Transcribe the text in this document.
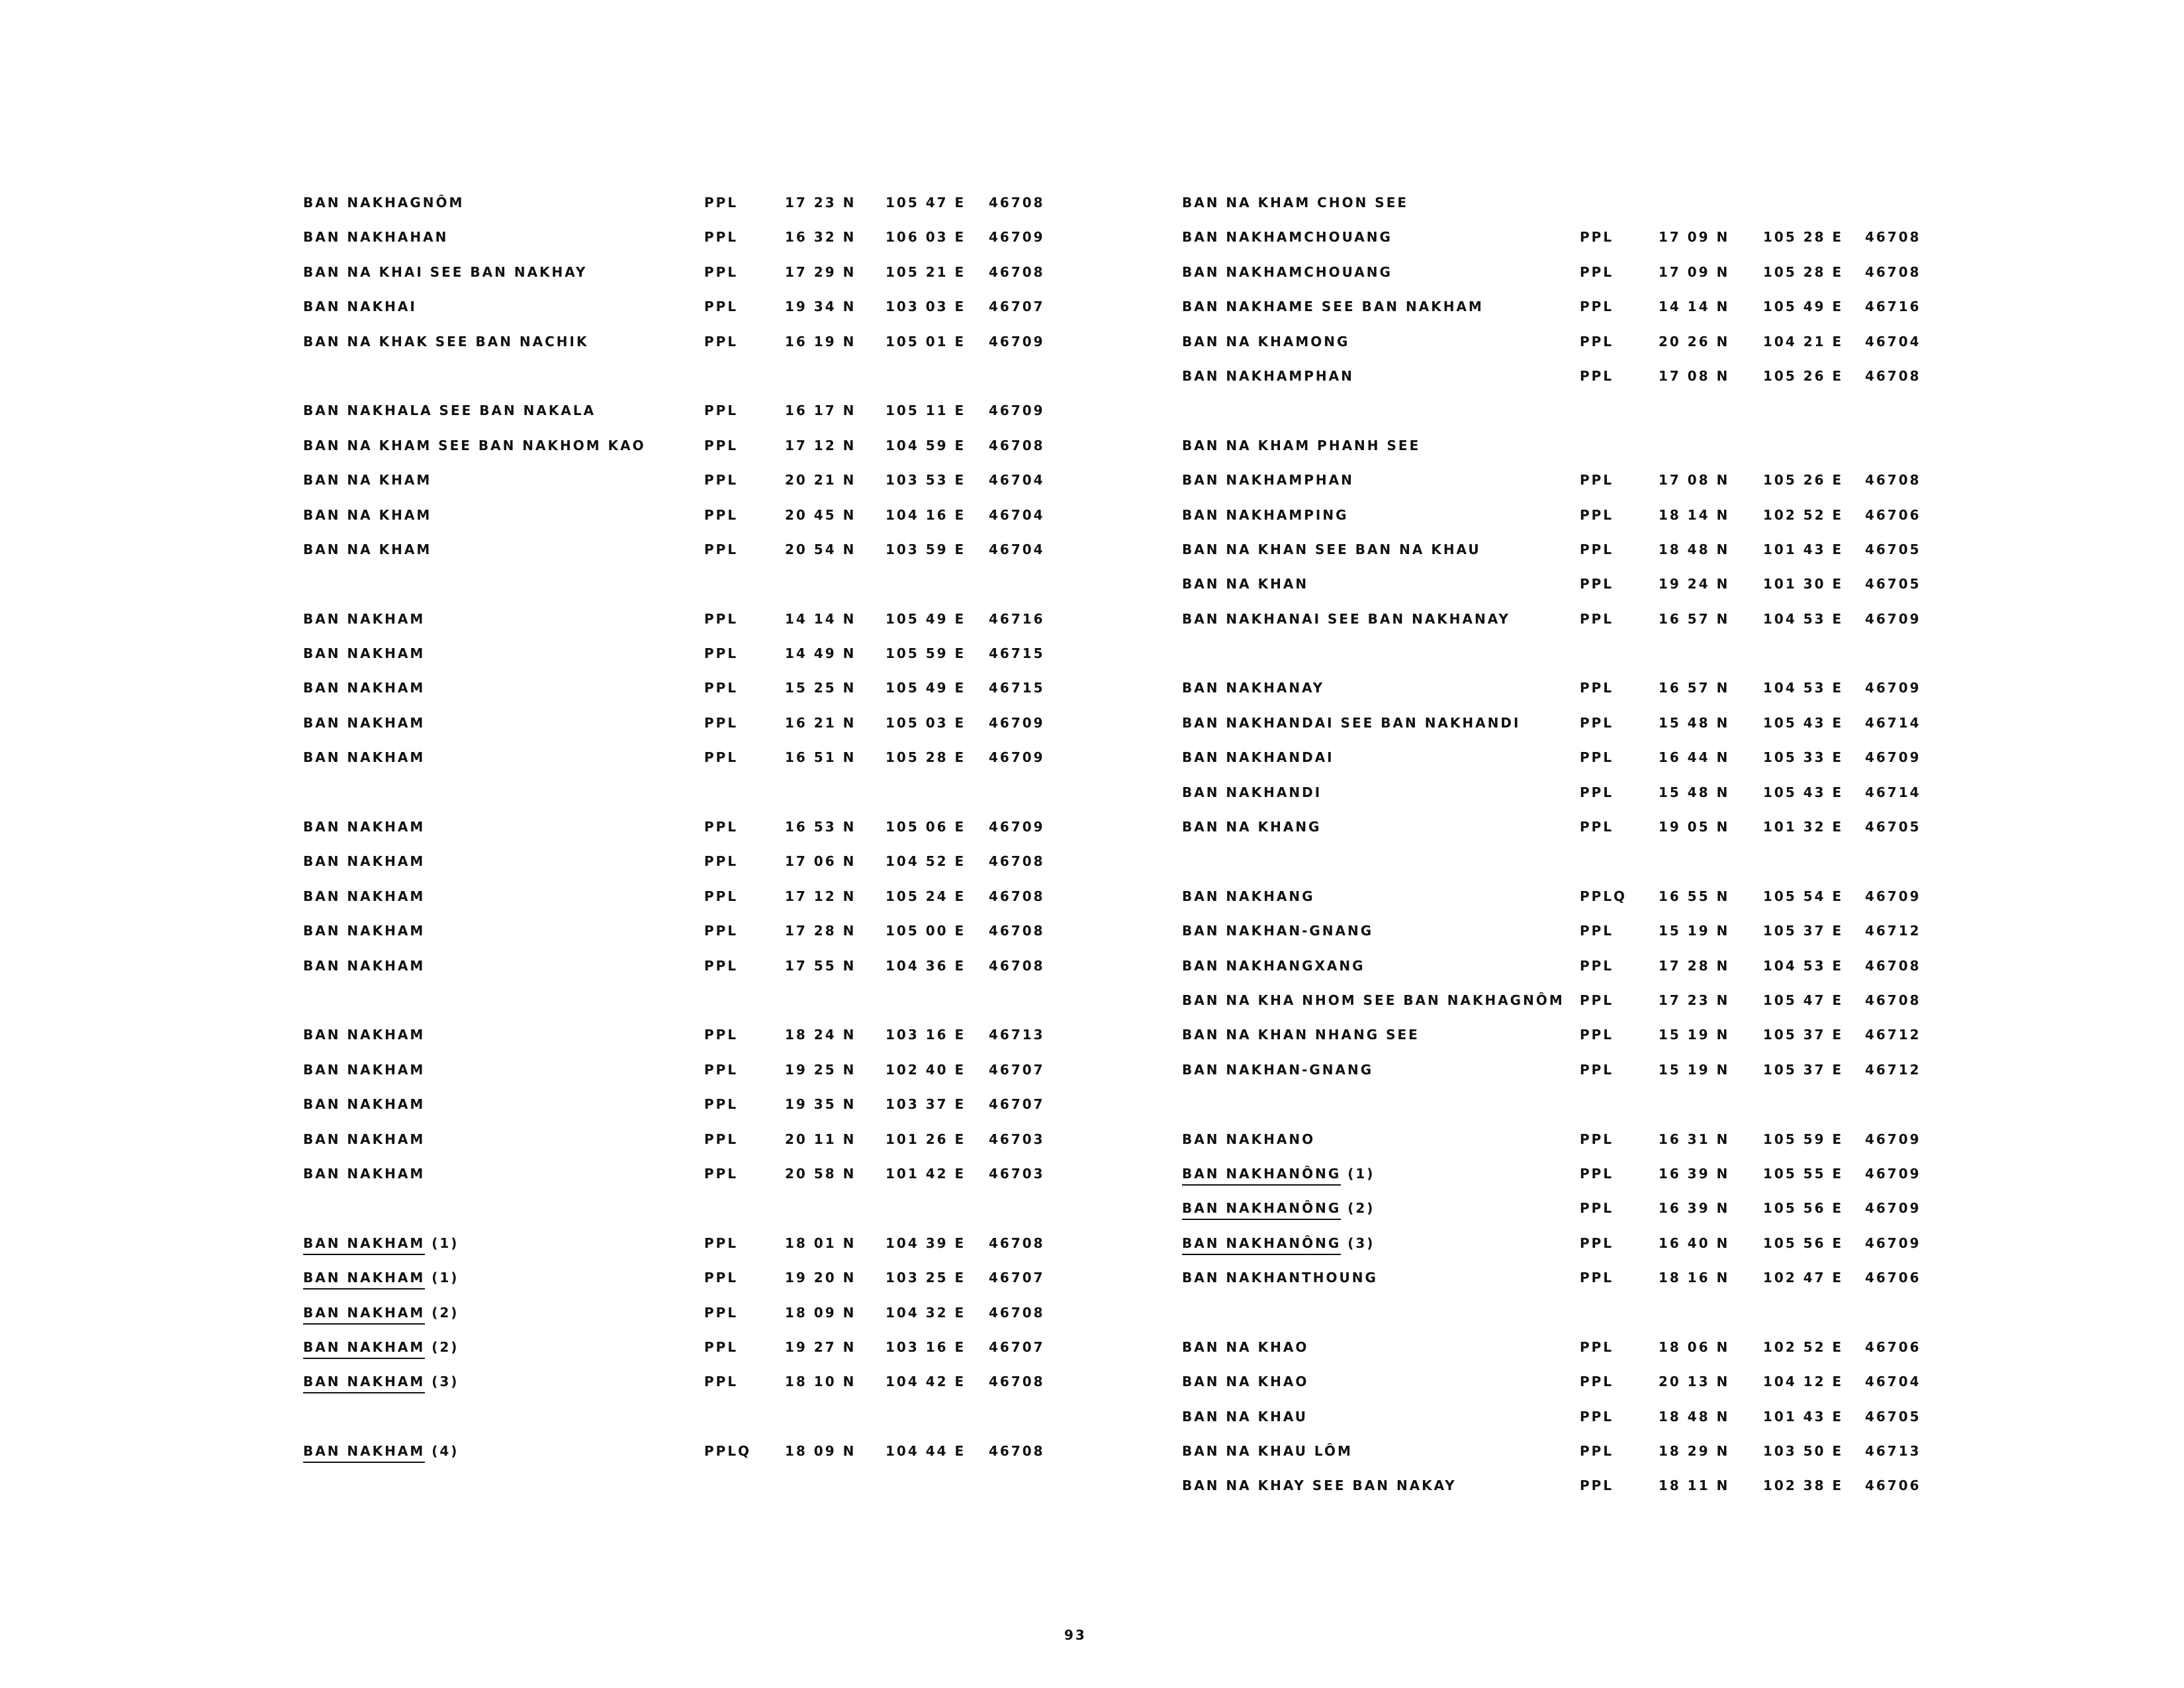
BAN NAKHAGNÔM	PPL	17 23 N 105 47 E 46708
BAN NAKHAHAN	PPL	16 32 N 106 03 E 46709
BAN NA KHAI SEE BAN NAKHAY	PPL	17 29 N 105 21 E 46708
BAN NAKHAI	PPL	19 34 N 103 03 E 46707
BAN NA KHAK SEE BAN NACHIK	PPL	16 19 N 105 01 E 46709
BAN NAKHALA SEE BAN NAKALA	PPL	16 17 N 105 11 E 46709
BAN NA KHAM SEE BAN NAKHOM KAO	PPL	17 12 N 104 59 E 46708
BAN NA KHAM	PPL	20 21 N 103 53 E 46704
BAN NA KHAM	PPL	20 45 N 104 16 E 46704
BAN NA KHAM	PPL	20 54 N 103 59 E 46704
BAN NAKHAM	PPL	14 14 N 105 49 E 46716
BAN NAKHAM	PPL	14 49 N 105 59 E 46715
BAN NAKHAM	PPL	15 25 N 105 49 E 46715
BAN NAKHAM	PPL	16 21 N 105 03 E 46709
BAN NAKHAM	PPL	16 51 N 105 28 E 46709
BAN NAKHAM	PPL	16 53 N 105 06 E 46709
BAN NAKHAM	PPL	17 06 N 104 52 E 46708
BAN NAKHAM	PPL	17 12 N 105 24 E 46708
BAN NAKHAM	PPL	17 28 N 105 00 E 46708
BAN NAKHAM	PPL	17 55 N 104 36 E 46708
BAN NAKHAM	PPL	18 24 N 103 16 E 46713
BAN NAKHAM	PPL	19 25 N 102 40 E 46707
BAN NAKHAM	PPL	19 35 N 103 37 E 46707
BAN NAKHAM	PPL	20 11 N 101 26 E 46703
BAN NAKHAM	PPL	20 58 N 101 42 E 46703
BAN NAKHAM (1)	PPL	18 01 N 104 39 E 46708
BAN NAKHAM (1)	PPL	19 20 N 103 25 E 46707
BAN NAKHAM (2)	PPL	18 09 N 104 32 E 46708
BAN NAKHAM (2)	PPL	19 27 N 103 16 E 46707
BAN NAKHAM (3)	PPL	18 10 N 104 42 E 46708
BAN NAKHAM (4)	PPLQ	18 09 N 104 44 E 46708
BAN NA KHAM CHON SEE
BAN NAKHAMCHOUANG	PPL	17 09 N	105 28 E 46708
BAN NAKHAMCHOUANG	PPL	17 09 N	105 28 E 46708
BAN NAKHAME SEE BAN NAKHAM	PPL	14 14 N	105 49 E 46716
BAN NA KHAMONG	PPL	20 26 N	104 21 E 46704
BAN NAKHAMPHAN	PPL	17 08 N	105 26 E 46708
BAN NA KHAM PHANH SEE
BAN NAKHAMPHAN	PPL	17 08 N	105 26 E 46708
BAN NAKHAMPING	PPL	18 14 N	102 52 E 46706
BAN NA KHAN SEE BAN NA KHAU	PPL	18 48 N	101 43 E 46705
BAN NA KHAN	PPL	19 24 N	101 30 E 46705
BAN NAKHANAI SEE BAN NAKHANAY	PPL	16 57 N	104 53 E 46709
BAN NAKHANAY	PPL	16 57 N	104 53 E 46709
BAN NAKHANDAI SEE BAN NAKHANDI	PPL	15 48 N	105 43 E 46714
BAN NAKHANDAI	PPL	16 44 N	105 33 E 46709
BAN NAKHANDI	PPL	15 48 N	105 43 E 46714
BAN NA KHANG	PPL	19 05 N	101 32 E 46705
BAN NAKHANG	PPLQ 16 55 N	105 54 E 46709
BAN NAKHAN-GNANG	PPL	15 19 N	105 37 E 46712
BAN NAKHANGXANG	PPL	17 28 N	104 53 E 46708
BAN NA KHA NHOM SEE BAN NAKHAGNÔM PPL	17 23 N	105 47 E 46708
BAN NA KHAN NHANG SEE	PPL	15 19 N	105 37 E 46712
BAN NAKHAN-GNANG	PPL	15 19 N	105 37 E 46712
BAN NAKHANO	PPL	16 31 N	105 59 E 46709
BAN NAKHANÔNG (1)	PPL	16 39 N	105 55 E 46709
BAN NAKHANÔNG (2)	PPL	16 39 N	105 56 E 46709
BAN NAKHANÔNG (3)	PPL	16 40 N	105 56 E 46709
BAN NAKHANTHOUNG	PPL	18 16 N	102 47 E 46706
BAN NA KHAO	PPL	18 06 N	102 52 E 46706
BAN NA KHAO	PPL	20 13 N	104 12 E 46704
BAN NA KHAU	PPL	18 48 N	101 43 E 46705
BAN NA KHAU LÔM	PPL	18 29 N	103 50 E 46713
BAN NA KHAY SEE BAN NAKAY	PPL	18 11 N	102 38 E 46706
93
